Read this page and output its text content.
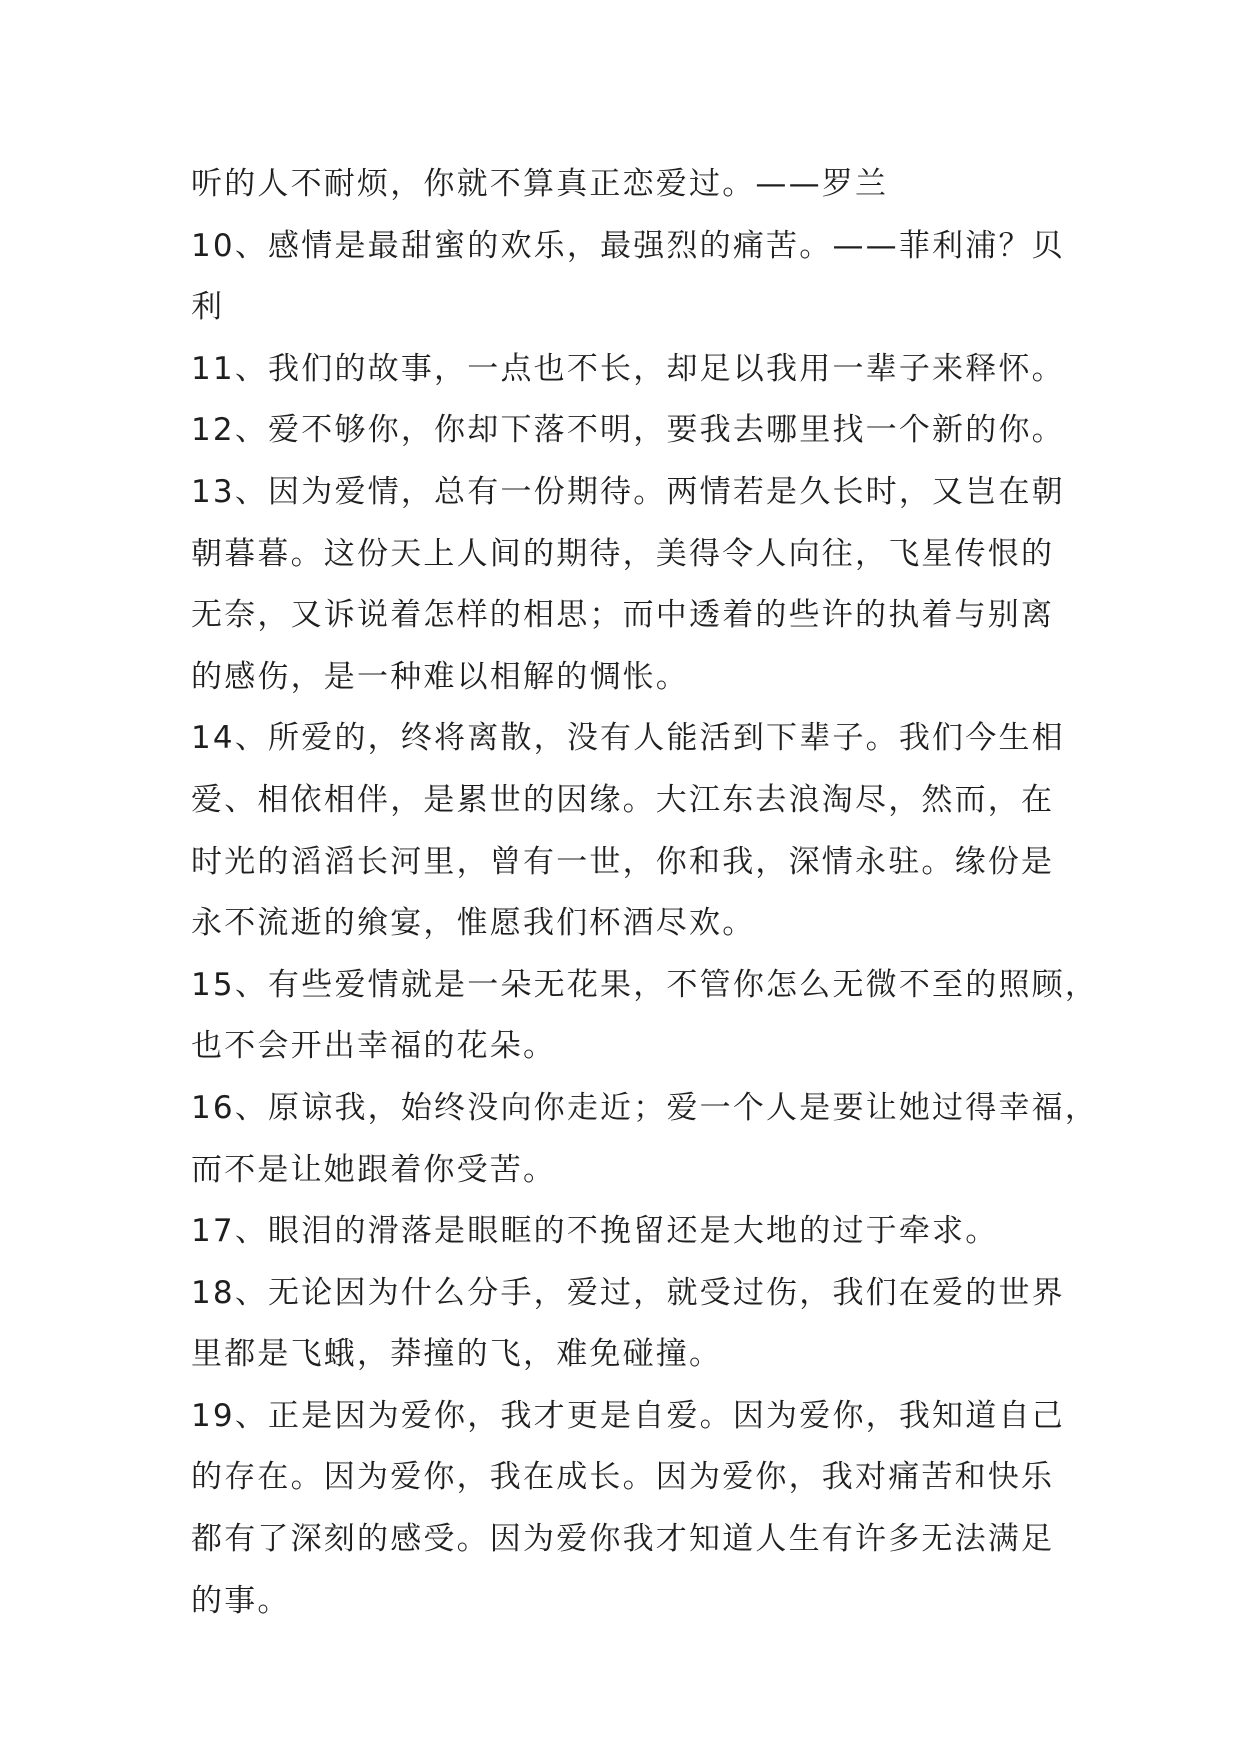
听的人不耐烦，你就不算真正恋爱过。——罗兰
10、感情是最甜蜜的欢乐，最强烈的痛苦。——菲利浦？贝
利
11、我们的故事，一点也不长，却足以我用一辈子来释怀。
12、爱不够你，你却下落不明，要我去哪里找一个新的你。
13、因为爱情，总有一份期待。两情若是久长时，又岂在朝
朝暮暮。这份天上人间的期待，美得令人向往，飞星传恨的
无奈，又诉说着怎样的相思；而中透着的些许的执着与别离
的感伤，是一种难以相解的惆怅。
14、所爱的，终将离散，没有人能活到下辈子。我们今生相
爱、相依相伴，是累世的因缘。大江东去浪淘尽，然而，在
时光的滔滔长河里，曾有一世，你和我，深情永驻。缘份是
永不流逝的飨宴，惟愿我们杯酒尽欢。
15、有些爱情就是一朵无花果，不管你怎么无微不至的照顾，
也不会开出幸福的花朵。
16、原谅我，始终没向你走近；爱一个人是要让她过得幸福，
而不是让她跟着你受苦。
17、眼泪的滑落是眼眶的不挽留还是大地的过于牵求。
18、无论因为什么分手，爱过，就受过伤，我们在爱的世界
里都是飞蛾，莽撞的飞，难免碰撞。
19、正是因为爱你，我才更是自爱。因为爱你，我知道自己
的存在。因为爱你，我在成长。因为爱你，我对痛苦和快乐
都有了深刻的感受。因为爱你我才知道人生有许多无法满足
的事。
